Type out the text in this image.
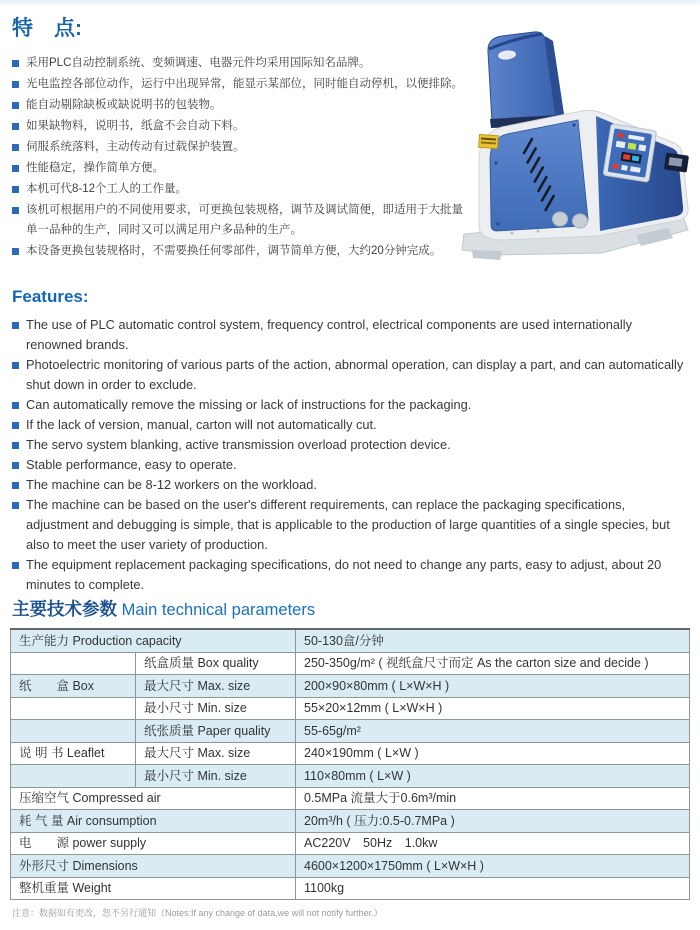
特　点:
采用PLC自动控制系统、变频调速、电器元件均采用国际知名品牌。
光电监控各部位动作，运行中出现异常，能显示某部位，同时能自动停机，以便排除。
能自动剔除缺板或缺说明书的包装物。
如果缺物料，说明书，纸盒不会自动下料。
伺服系统落料，主动传动有过载保护装置。
性能稳定，操作简单方便。
本机可代8-12个工人的工作量。
该机可根据用户的不同使用要求，可更换包装规格，调节及调试简便，即适用于大批量单一品种的生产，同时又可以满足用户多品种的生产。
本设备更换包装规格时，不需要换任何零部件，调节简单方便，大约20分钟完成。
Features:
The use of PLC automatic control system, frequency control, electrical components are used internationally renowned brands.
Photoelectric monitoring of various parts of the action, abnormal operation, can display a part, and can automatically shut down in order to exclude.
Can automatically remove the missing or lack of instructions for the packaging.
If the lack of version, manual, carton will not automatically cut.
The servo system blanking, active transmission overload protection device.
Stable performance, easy to operate.
The machine can be 8-12 workers on the workload.
The machine can be based on the user's different requirements, can replace the packaging specifications, adjustment and debugging is simple, that is applicable to the production of large quantities of a single species, but also to meet the user variety of production.
The equipment replacement packaging specifications, do not need to change any parts, easy to adjust, about 20 minutes to complete.
主要技术参数 Main technical parameters
生产能力 Production capacity		50-130盒/分钟
	纸盒质量 Box quality	250-350g/m² ( 视纸盒尺寸而定 As the carton size and decide )
纸　　盒 Box	最大尺寸 Max. size	200×90×80mm ( L×W×H )
	最小尺寸 Min. size	55×20×12mm ( L×W×H )
	纸张质量 Paper quality	55-65g/m²
说 明 书 Leaflet	最大尺寸 Max. size	240×190mm ( L×W )
	最小尺寸 Min. size	110×80mm ( L×W )
压缩空气 Compressed air		0.5MPa 流量大于0.6m³/min
耗 气 量 Air consumption		20m³/h ( 压力:0.5-0.7MPa )
电　　源 power supply		AC220V　50Hz　1.0kw
外形尺寸 Dimensions		4600×1200×1750mm ( L×W×H )
整机重量 Weight		1100kg

注意：数据如有更改，恕不另行通知（Notes:If any change of data,we will not notify further.）
